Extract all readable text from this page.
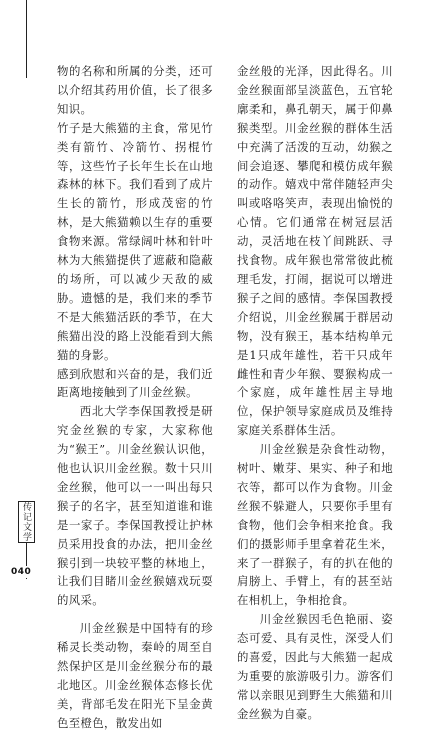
物的名称和所属的分类，还可以介绍其药用价值，长了很多知识。

竹子是大熊猫的主食，常见竹类有箭竹、冷箭竹、拐棍竹等，这些竹子长年生长在山地森林的林下。我们看到了成片生长的箭竹，形成茂密的竹林，是大熊猫赖以生存的重要食物来源。常绿阔叶林和针叶林为大熊猫提供了遮蔽和隐蔽的场所，可以减少天敌的威胁。遗憾的是，我们来的季节不是大熊猫活跃的季节，在大熊猫出没的路上没能看到大熊猫的身影。

感到欣慰和兴奋的是，我们近距离地接触到了川金丝猴。

西北大学李保国教授是研究金丝猴的专家，大家称他为“猴王”。川金丝猴认识他，他也认识川金丝猴。数十只川金丝猴，他可以一一叫出每只猴子的名字，甚至知道谁和谁是一家子。李保国教授让护林员采用投食的办法，把川金丝猴引到一块较平整的林地上，让我们目睹川金丝猴嬉戏玩耍的风采。

川金丝猴是中国特有的珍稀灵长类动物，秦岭的周至自然保护区是川金丝猴分布的最北地区。川金丝猴体态修长优美，背部毛发在阳光下呈金黄色至橙色，散发出如

金丝般的光泽，因此得名。川金丝猴面部呈淡蓝色，五官轮廓柔和，鼻孔朝天，属于仰鼻猴类型。川金丝猴的群体生活中充满了活泼的互动，幼猴之间会追逐、攀爬和模仿成年猴的动作。嬉戏中常伴随轻声尖叫或咯咯笑声，表现出愉悦的心情。它们通常在树冠层活动，灵活地在枝丫间跳跃、寻找食物。成年猴也常常彼此梳理毛发，打闹，据说可以增进猴子之间的感情。李保国教授介绍说，川金丝猴属于群居动物，没有猴王，基本结构单元是1只成年雄性，若干只成年雌性和青少年猴、婴猴构成一个家庭，成年雄性居主导地位，保护领导家庭成员及维持家庭关系群体生活。

川金丝猴是杂食性动物，树叶、嫩芽、果实、种子和地衣等，都可以作为食物。川金丝猴不躲避人，只要你手里有食物，他们会争相来抢食。我们的摄影师手里拿着花生米，来了一群猴子，有的扒在他的肩膀上、手臂上，有的甚至站在相机上，争相抢食。

川金丝猴因毛色艳丽、姿态可爱、具有灵性，深受人们的喜爱，因此与大熊猫一起成为重要的旅游吸引力。游客们常以亲眼见到野生大熊猫和川金丝猴为自豪。

传记文学
040
